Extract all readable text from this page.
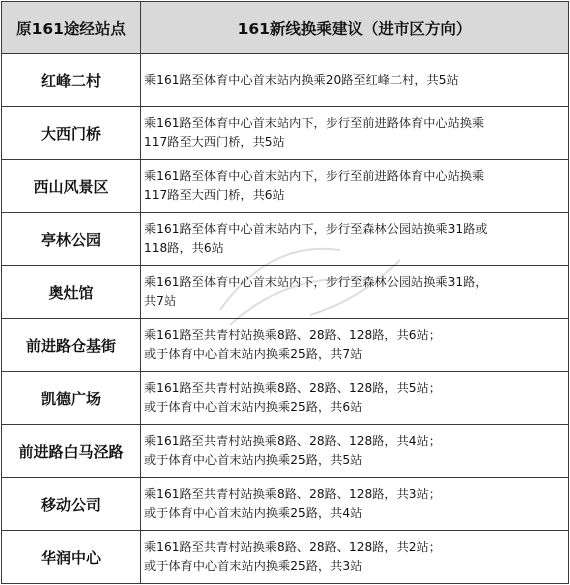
原161途经站点	161新线换乘建议（进市区方向）
红峰二村	乘161路至体育中心首末站内换乘20路至红峰二村，共5站

大西门桥	乘161路至体育中心首末站内下，步行至前进路体育中心站换乘
117路至大西门桥，共5站

西山风景区	乘161路至体育中心首末站内下，步行至前进路体育中心站换乘
117路至大西门桥，共6站

亭林公园	乘161路至体育中心首末站内下，步行至森林公园站换乘31路或
118路，共6站

奥灶馆	乘161路至体育中心首末站内下，步行至森林公园站换乘31路，
共7站

前进路仓基街	乘161路至共青村站换乘8路、28路、128路，共6站；
或于体育中心首末站内换乘25路，共7站

凯德广场	乘161路至共青村站换乘8路、28路、128路，共5站；
或于体育中心首末站内换乘25路，共6站

前进路白马泾路	乘161路至共青村站换乘8路、28路、128路，共4站；
或于体育中心首末站内换乘25路，共5站

移动公司	乘161路至共青村站换乘8路、28路、128路，共3站；
或于体育中心首末站内换乘25路，共4站

华润中心	乘161路至共青村站换乘8路、28路、128路，共2站；
或于体育中心首末站内换乘25路，共3站
